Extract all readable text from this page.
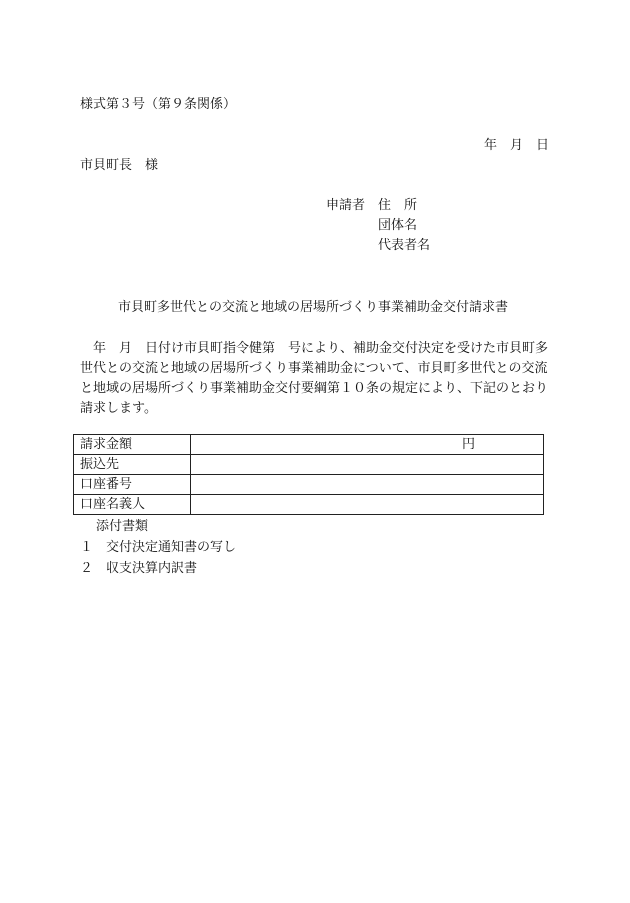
様式第３号（第９条関係）
年 月 日
市貝町長　様
申請者 住　所
団体名
代表者名
市貝町多世代との交流と地域の居場所づくり事業補助金交付請求書
年　月　日付け市貝町指令健第　号により、補助金交付決定を受けた市貝町多世代との交流と地域の居場所づくり事業補助金について、市貝町多世代との交流と地域の居場所づくり事業補助金交付要綱第１０条の規定により、下記のとおり請求します。
請求金額	円

振込先	
口座番号	
口座名義人	
添付書類
１ 交付決定通知書の写し
２ 収支決算内訳書
